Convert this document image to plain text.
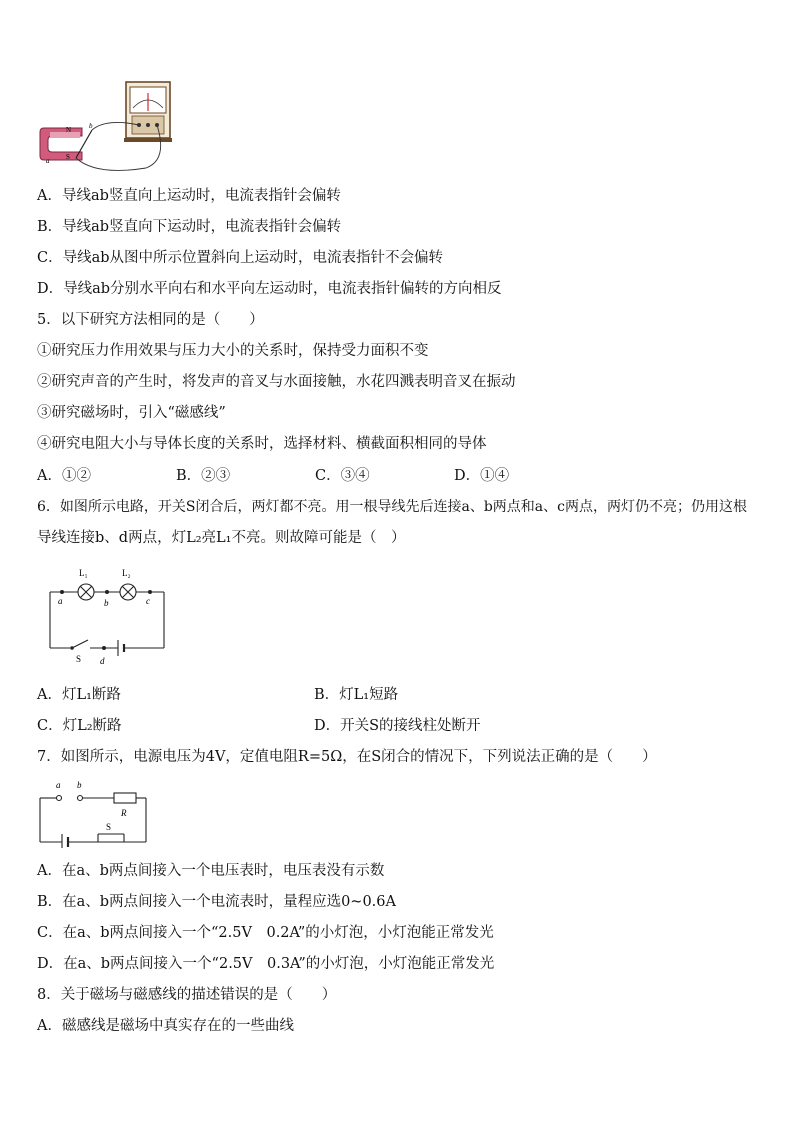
N
S
a
b
A．导线ab竖直向上运动时，电流表指针会偏转
B．导线ab竖直向下运动时，电流表指针会偏转
C．导线ab从图中所示位置斜向上运动时，电流表指针不会偏转
D．导线ab分别水平向右和水平向左运动时，电流表指针偏转的方向相反
5．以下研究方法相同的是（　　）
①研究压力作用效果与压力大小的关系时，保持受力面积不变
②研究声音的产生时，将发声的音叉与水面接触，水花四溅表明音叉在振动
③研究磁场时，引入“磁感线”
④研究电阻大小与导体长度的关系时，选择材料、横截面积相同的导体
A．①②	B．②③	C．③④	D．①④
6．如图所示电路，开关S闭合后，两灯都不亮。用一根导线先后连接a、b两点和a、c两点，两灯仍不亮；仍用这根
导线连接b、d两点，灯L₂亮L₁不亮。则故障可能是（　）
L₁	L₂
a	b	c
d
S
A．灯L₁断路	B．灯L₁短路
C．灯L₂断路	D．开关S的接线柱处断开
7．如图所示，电源电压为4V，定值电阻R=5Ω，在S闭合的情况下，下列说法正确的是（　　）
a b
R
S
A．在a、b两点间接入一个电压表时，电压表没有示数
B．在a、b两点间接入一个电流表时，量程应选0~0.6A
C．在a、b两点间接入一个“2.5V　0.2A”的小灯泡，小灯泡能正常发光
D．在a、b两点间接入一个“2.5V　0.3A”的小灯泡，小灯泡能正常发光
8．关于磁场与磁感线的描述错误的是（　　）
A．磁感线是磁场中真实存在的一些曲线
